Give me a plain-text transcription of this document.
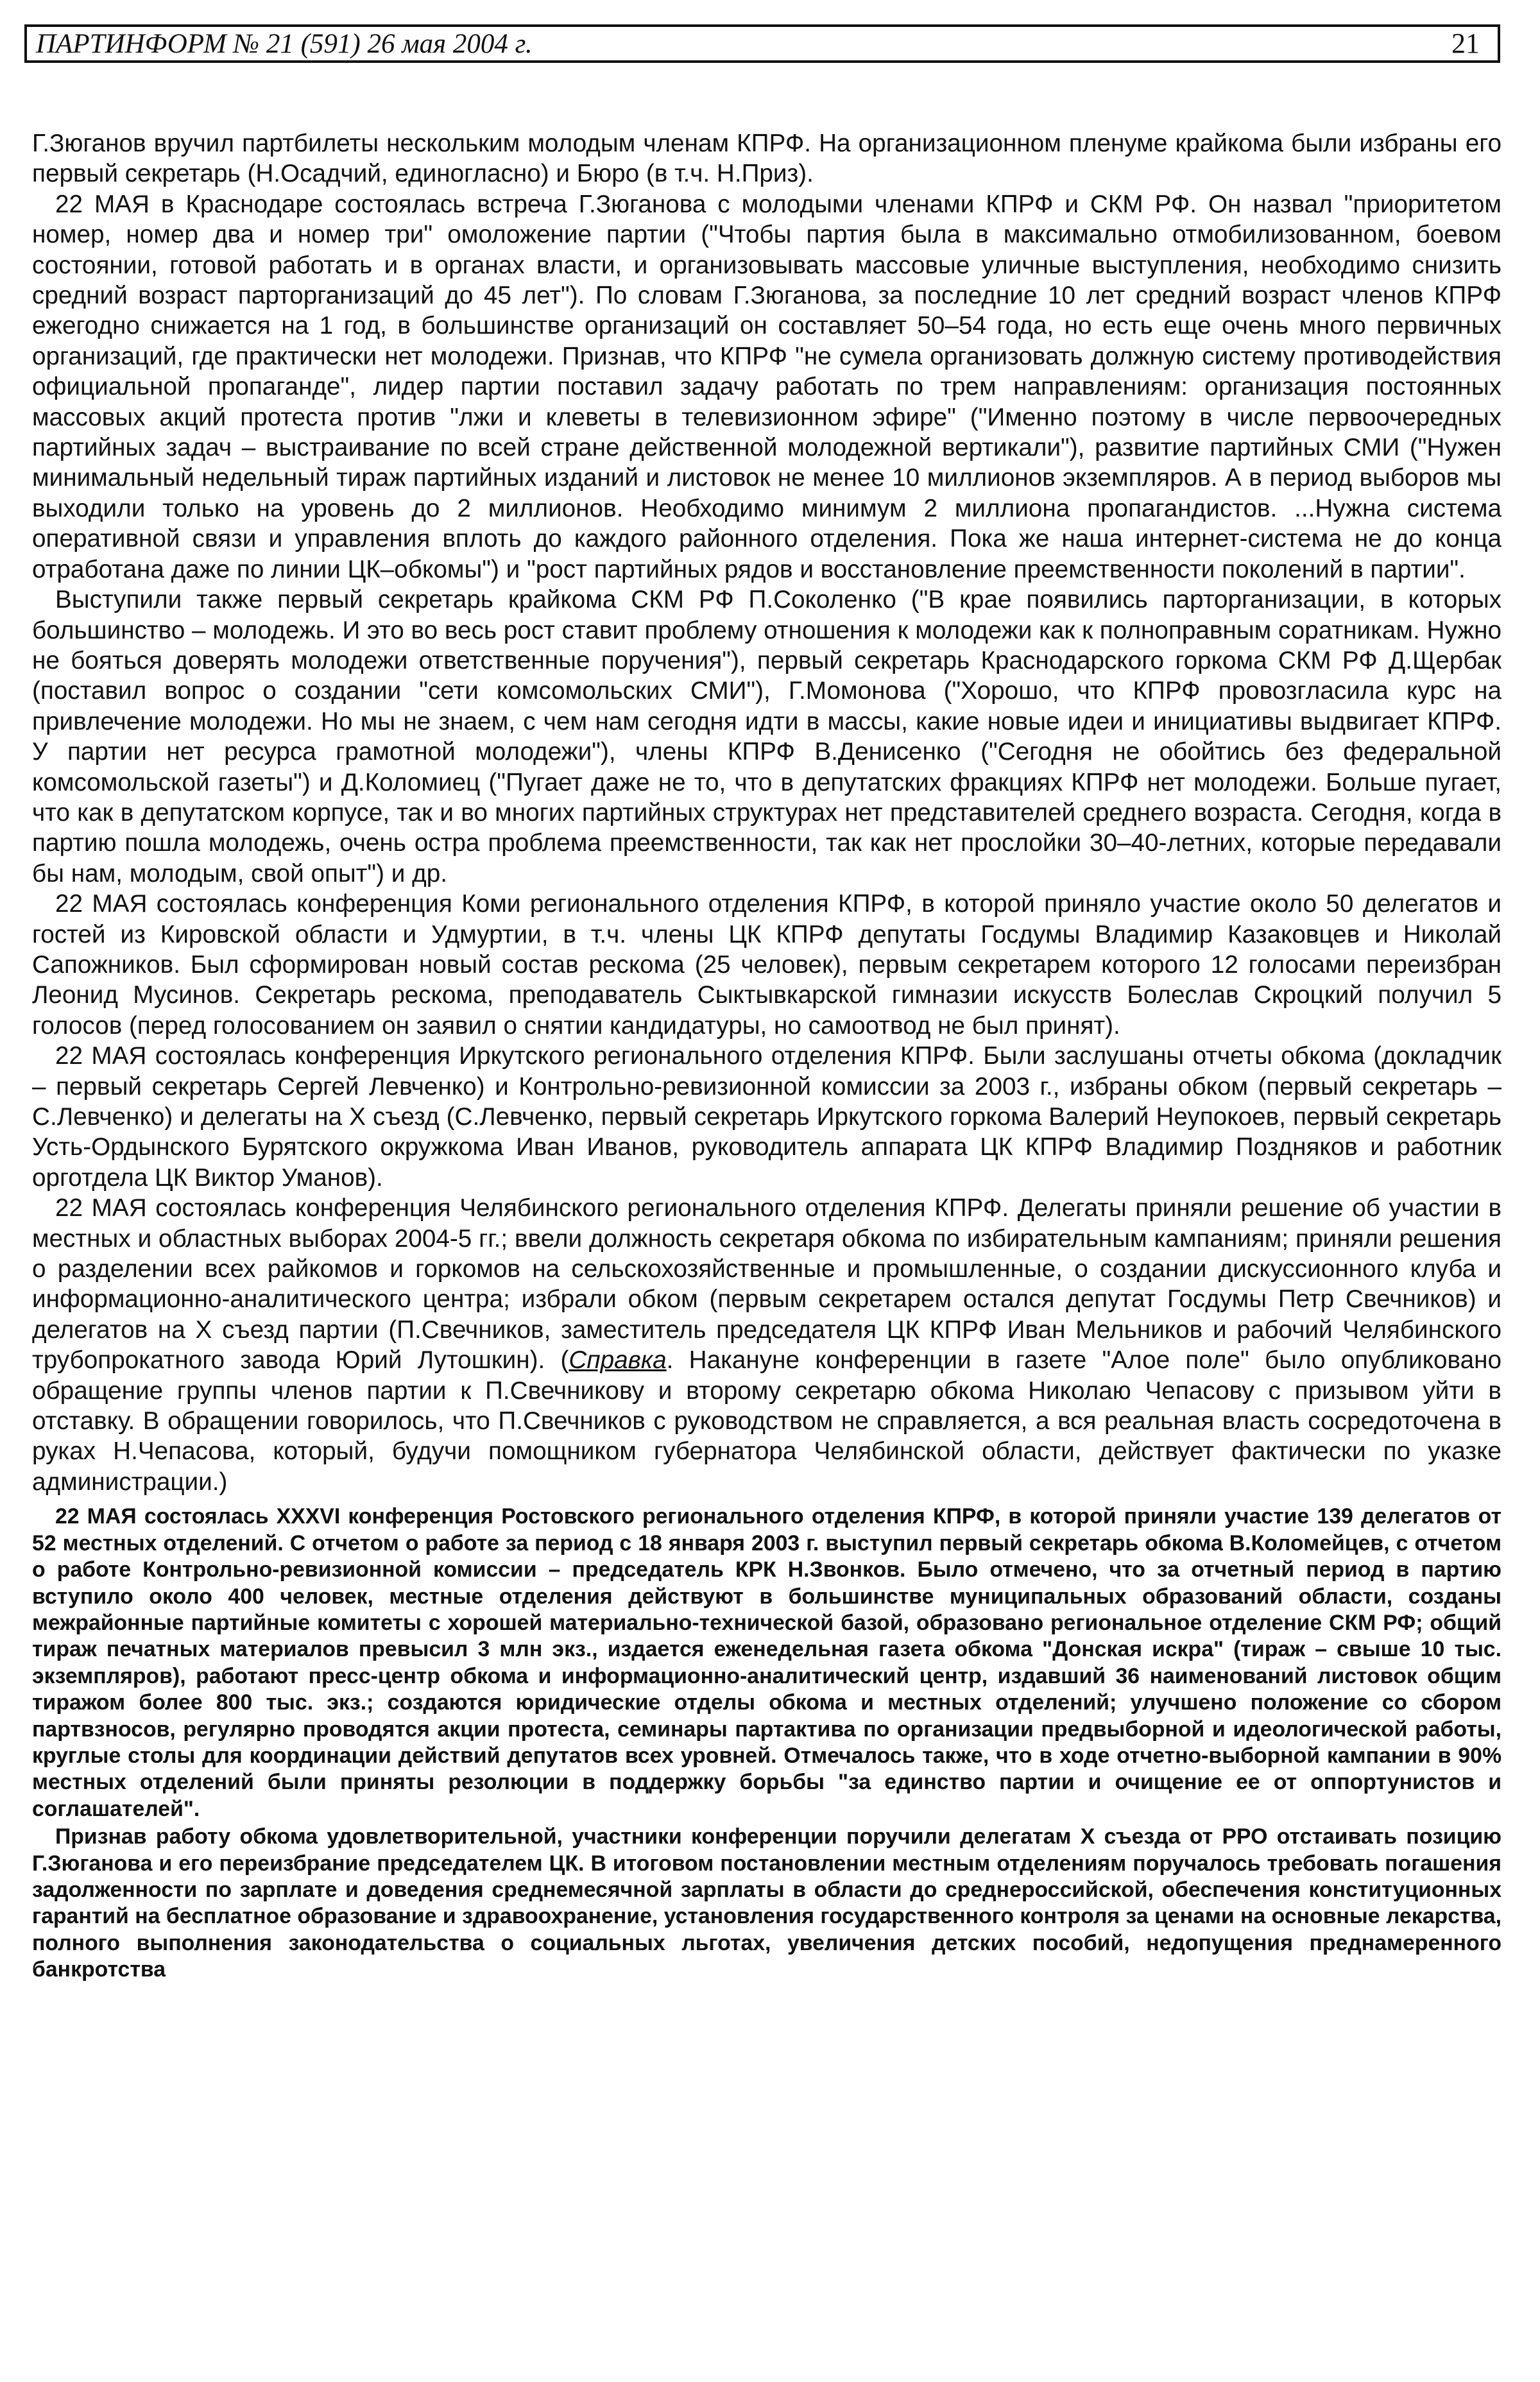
ПАРТИНФОРМ № 21 (591) 26 мая 2004 г.	21

Г.Зюганов вручил партбилеты нескольким молодым членам КПРФ. На организационном пленуме крайкома были избраны его первый секретарь (Н.Осадчий, единогласно) и Бюро (в т.ч. Н.Приз).

22 МАЯ в Краснодаре состоялась встреча Г.Зюганова с молодыми членами КПРФ и СКМ РФ. Он назвал "приоритетом номер, номер два и номер три" омоложение партии ("Чтобы партия была в максимально отмобилизованном, боевом состоянии, готовой работать и в органах власти, и организовывать массовые уличные выступления, необходимо снизить средний возраст парторганизаций до 45 лет"). По словам Г.Зюганова, за последние 10 лет средний возраст членов КПРФ ежегодно снижается на 1 год, в большинстве организаций он составляет 50–54 года, но есть еще очень много первичных организаций, где практически нет молодежи. Признав, что КПРФ "не сумела организовать должную систему противодействия официальной пропаганде", лидер партии поставил задачу работать по трем направлениям: организация постоянных массовых акций протеста против "лжи и клеветы в телевизионном эфире" ("Именно поэтому в числе первоочередных партийных задач – выстраивание по всей стране действенной молодежной вертикали"), развитие партийных СМИ ("Нужен минимальный недельный тираж партийных изданий и листовок не менее 10 миллионов экземпляров. А в период выборов мы выходили только на уровень до 2 миллионов. Необходимо минимум 2 миллиона пропагандистов. ...Нужна система оперативной связи и управления вплоть до каждого районного отделения. Пока же наша интернет-система не до конца отработана даже по линии ЦК–обкомы") и "рост партийных рядов и восстановление преемственности поколений в партии".

Выступили также первый секретарь крайкома СКМ РФ П.Соколенко ("В крае появились парторганизации, в которых большинство – молодежь. И это во весь рост ставит проблему отношения к молодежи как к полноправным соратникам. Нужно не бояться доверять молодежи ответственные поручения"), первый секретарь Краснодарского горкома СКМ РФ Д.Щербак (поставил вопрос о создании "сети комсомольских СМИ"), Г.Момонова ("Хорошо, что КПРФ провозгласила курс на привлечение молодежи. Но мы не знаем, с чем нам сегодня идти в массы, какие новые идеи и инициативы выдвигает КПРФ. У партии нет ресурса грамотной молодежи"), члены КПРФ В.Денисенко ("Сегодня не обойтись без федеральной комсомольской газеты") и Д.Коломиец ("Пугает даже не то, что в депутатских фракциях КПРФ нет молодежи. Больше пугает, что как в депутатском корпусе, так и во многих партийных структурах нет представителей среднего возраста. Сегодня, когда в партию пошла молодежь, очень остра проблема преемственности, так как нет прослойки 30–40-летних, которые передавали бы нам, молодым, свой опыт") и др.

22 МАЯ состоялась конференция Коми регионального отделения КПРФ, в которой приняло участие около 50 делегатов и гостей из Кировской области и Удмуртии, в т.ч. члены ЦК КПРФ депутаты Госдумы Владимир Казаковцев и Николай Сапожников. Был сформирован новый состав рескома (25 человек), первым секретарем которого 12 голосами переизбран Леонид Мусинов. Секретарь рескома, преподаватель Сыктывкарской гимназии искусств Болеслав Скроцкий получил 5 голосов (перед голосованием он заявил о снятии кандидатуры, но самоотвод не был принят).

22 МАЯ состоялась конференция Иркутского регионального отделения КПРФ. Были заслушаны отчеты обкома (докладчик – первый секретарь Сергей Левченко) и Контрольно-ревизионной комиссии за 2003 г., избраны обком (первый секретарь – С.Левченко) и делегаты на X съезд (С.Левченко, первый секретарь Иркутского горкома Валерий Неупокоев, первый секретарь Усть-Ордынского Бурятского окружкома Иван Иванов, руководитель аппарата ЦК КПРФ Владимир Поздняков и работник орготдела ЦК Виктор Уманов).

22 МАЯ состоялась конференция Челябинского регионального отделения КПРФ. Делегаты приняли решение об участии в местных и областных выборах 2004-5 гг.; ввели должность секретаря обкома по избирательным кампаниям; приняли решения о разделении всех райкомов и горкомов на сельскохозяйственные и промышленные, о создании дискуссионного клуба и информационно-аналитического центра; избрали обком (первым секретарем остался депутат Госдумы Петр Свечников) и делегатов на X съезд партии (П.Свечников, заместитель председателя ЦК КПРФ Иван Мельников и рабочий Челябинского трубопрокатного завода Юрий Лутошкин). (Справка. Накануне конференции в газете "Алое поле" было опубликовано обращение группы членов партии к П.Свечникову и второму секретарю обкома Николаю Чепасову с призывом уйти в отставку. В обращении говорилось, что П.Свечников с руководством не справляется, а вся реальная власть сосредоточена в руках Н.Чепасова, который, будучи помощником губернатора Челябинской области, действует фактически по указке администрации.)

22 МАЯ состоялась XXXVI конференция Ростовского регионального отделения КПРФ, в которой приняли участие 139 делегатов от 52 местных отделений. С отчетом о работе за период с 18 января 2003 г. выступил первый секретарь обкома В.Коломейцев, с отчетом о работе Контрольно-ревизионной комиссии – председатель КРК Н.Звонков. Было отмечено, что за отчетный период в партию вступило около 400 человек, местные отделения действуют в большинстве муниципальных образований области, созданы межрайонные партийные комитеты с хорошей материально-технической базой, образовано региональное отделение СКМ РФ; общий тираж печатных материалов превысил 3 млн экз., издается еженедельная газета обкома "Донская искра" (тираж – свыше 10 тыс. экземпляров), работают пресс-центр обкома и информационно-аналитический центр, издавший 36 наименований листовок общим тиражом более 800 тыс. экз.; создаются юридические отделы обкома и местных отделений; улучшено положение со сбором партвзносов, регулярно проводятся акции протеста, семинары партактива по организации предвыборной и идеологической работы, круглые столы для координации действий депутатов всех уровней. Отмечалось также, что в ходе отчетно-выборной кампании в 90% местных отделений были приняты резолюции в поддержку борьбы "за единство партии и очищение ее от оппортунистов и соглашателей".

Признав работу обкома удовлетворительной, участники конференции поручили делегатам X съезда от РРО отстаивать позицию Г.Зюганова и его переизбрание председателем ЦК. В итоговом постановлении местным отделениям поручалось требовать погашения задолженности по зарплате и доведения среднемесячной зарплаты в области до среднероссийской, обеспечения конституционных гарантий на бесплатное образование и здравоохранение, установления государственного контроля за ценами на основные лекарства, полного выполнения законодательства о социальных льготах, увеличения детских пособий, недопущения преднамеренного банкротства
